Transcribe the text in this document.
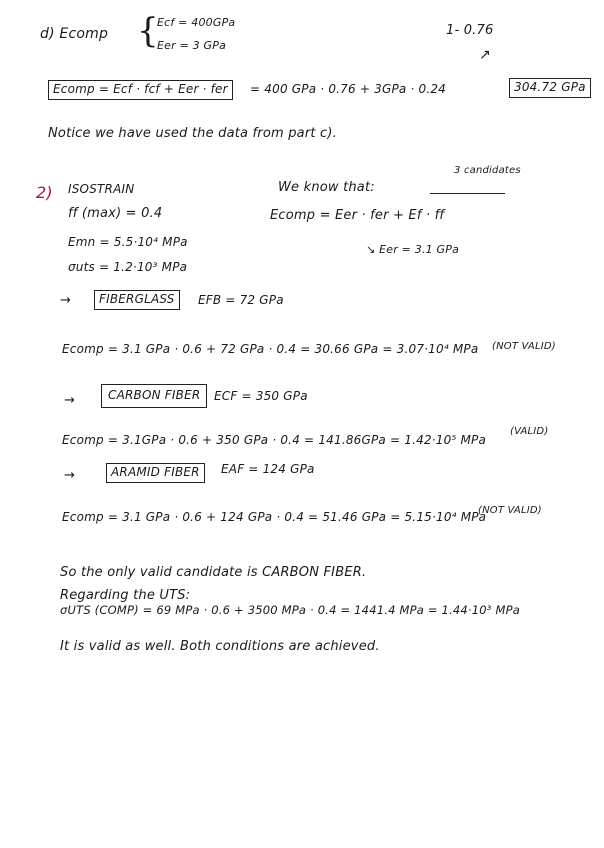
d) Ecomp {
Ecf = 400GPa
Eer = 3 GPa
1- 0.76
↗
Ecomp = Ecf · fcf + Eer · fer	= 400 GPa · 0.76 + 3GPa · 0.24	304.72 GPa
Notice we have used the data from part c).
2) ISOSTRAIN
ff (max) = 0.4
Emn = 5.5·10⁴ MPa
σuts = 1.2·10³ MPa
We know that:
3 candidates
Ecomp = Eer · fer + Ef · ff
↘ Eer = 3.1 GPa
→	FIBERGLASS	EFB = 72 GPa
Ecomp = 3.1 GPa · 0.6 + 72 GPa · 0.4 = 30.66 GPa = 3.07·10⁴ MPa (NOT VALID)
→	CARBON FIBER	ECF = 350 GPa
Ecomp = 3.1GPa · 0.6 + 350 GPa · 0.4 = 141.86GPa = 1.42·10⁵ MPa
(VALID)
→	ARAMID FIBER	EAF = 124 GPa
Ecomp = 3.1 GPa · 0.6 + 124 GPa · 0.4 = 51.46 GPa = 5.15·10⁴ MPa
(NOT VALID)
So the only valid candidate is CARBON FIBER.
Regarding the UTS:
σUTS (COMP) = 69 MPa · 0.6 + 3500 MPa · 0.4 = 1441.4 MPa = 1.44·10³ MPa
It is valid as well. Both conditions are achieved.
